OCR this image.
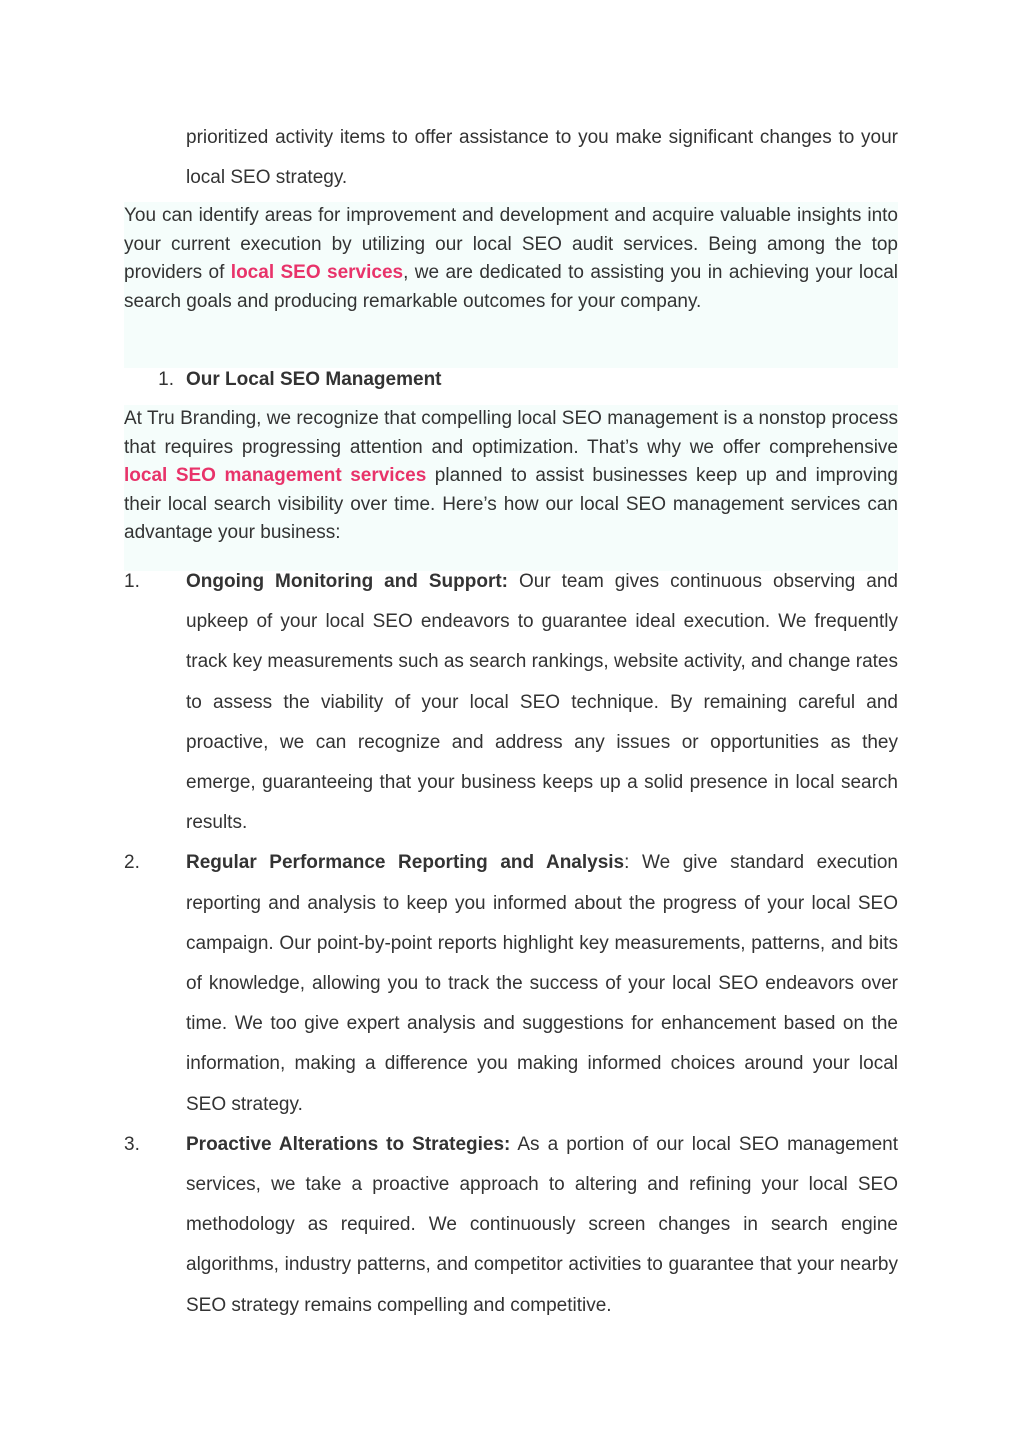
prioritized activity items to offer assistance to you make significant changes to your local SEO strategy.
You can identify areas for improvement and development and acquire valuable insights into your current execution by utilizing our local SEO audit services. Being among the top providers of local SEO services, we are dedicated to assisting you in achieving your local search goals and producing remarkable outcomes for your company.
1. Our Local SEO Management
At Tru Branding, we recognize that compelling local SEO management is a nonstop process that requires progressing attention and optimization. That’s why we offer comprehensive local SEO management services planned to assist businesses keep up and improving their local search visibility over time. Here’s how our local SEO management services can advantage your business:
1.	Ongoing Monitoring and Support: Our team gives continuous observing and upkeep of your local SEO endeavors to guarantee ideal execution. We frequently track key measurements such as search rankings, website activity, and change rates to assess the viability of your local SEO technique. By remaining careful and proactive, we can recognize and address any issues or opportunities as they emerge, guaranteeing that your business keeps up a solid presence in local search results.
2.	Regular Performance Reporting and Analysis: We give standard execution reporting and analysis to keep you informed about the progress of your local SEO campaign. Our point-by-point reports highlight key measurements, patterns, and bits of knowledge, allowing you to track the success of your local SEO endeavors over time. We too give expert analysis and suggestions for enhancement based on the information, making a difference you making informed choices around your local SEO strategy.
3.	Proactive Alterations to Strategies: As a portion of our local SEO management services, we take a proactive approach to altering and refining your local SEO methodology as required. We continuously screen changes in search engine algorithms, industry patterns, and competitor activities to guarantee that your nearby SEO strategy remains compelling and competitive.
